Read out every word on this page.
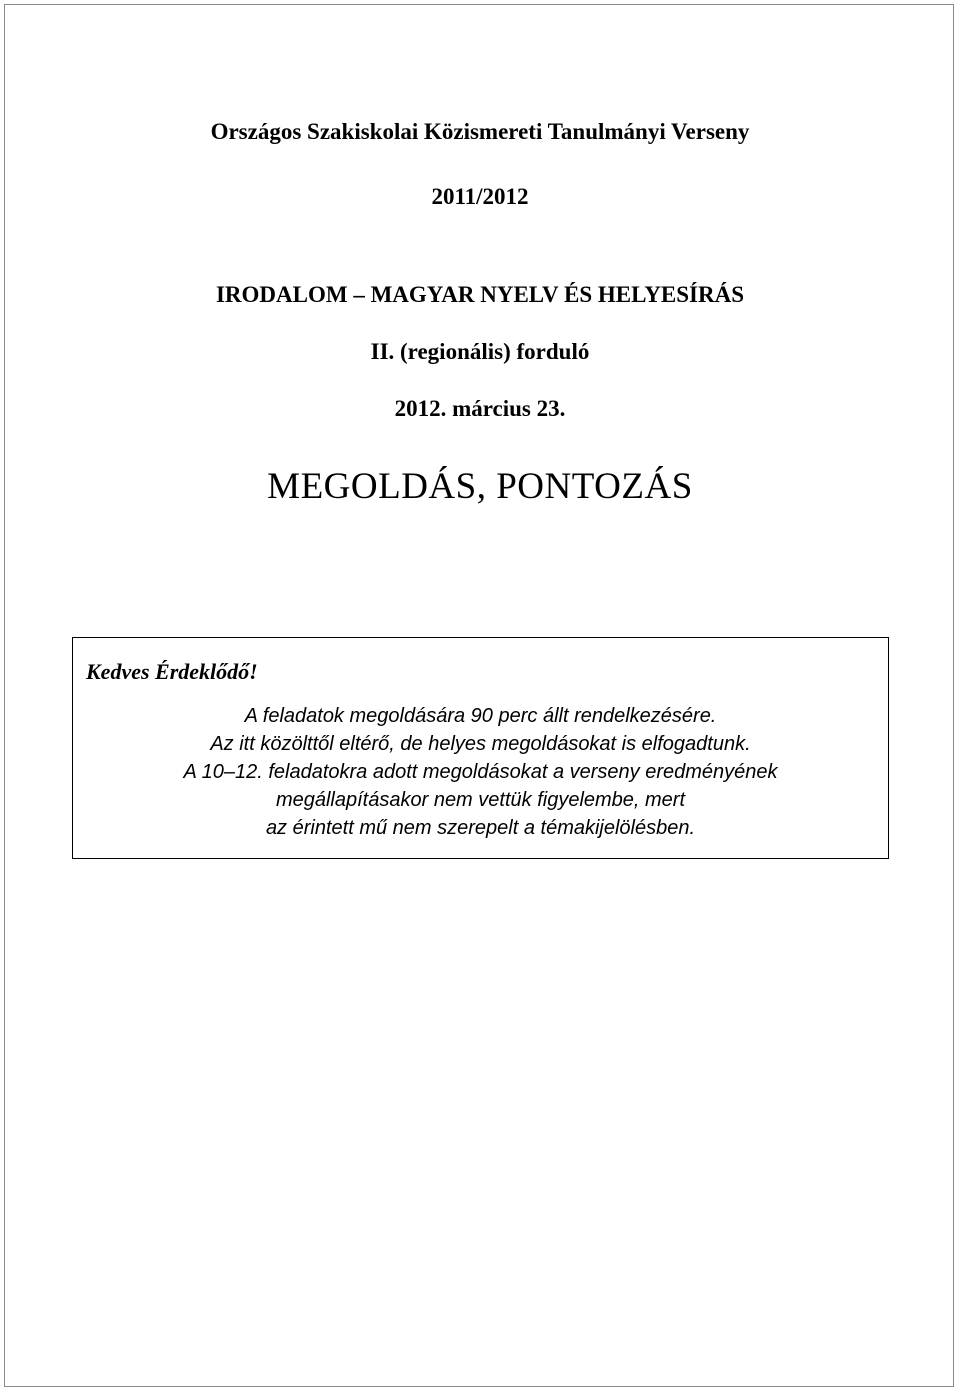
Országos Szakiskolai Közismereti Tanulmányi Verseny
2011/2012
IRODALOM – MAGYAR NYELV ÉS HELYESÍRÁS
II. (regionális) forduló
2012. március 23.
MEGOLDÁS, PONTOZÁS
Kedves Érdeklődő!
A feladatok megoldására 90 perc állt rendelkezésére.
Az itt közölttől eltérő, de helyes megoldásokat is elfogadtunk.
A 10–12. feladatokra adott megoldásokat a verseny eredményének
megállapításakor nem vettük figyelembe, mert
az érintett mű nem szerepelt a témakijelölésben.
